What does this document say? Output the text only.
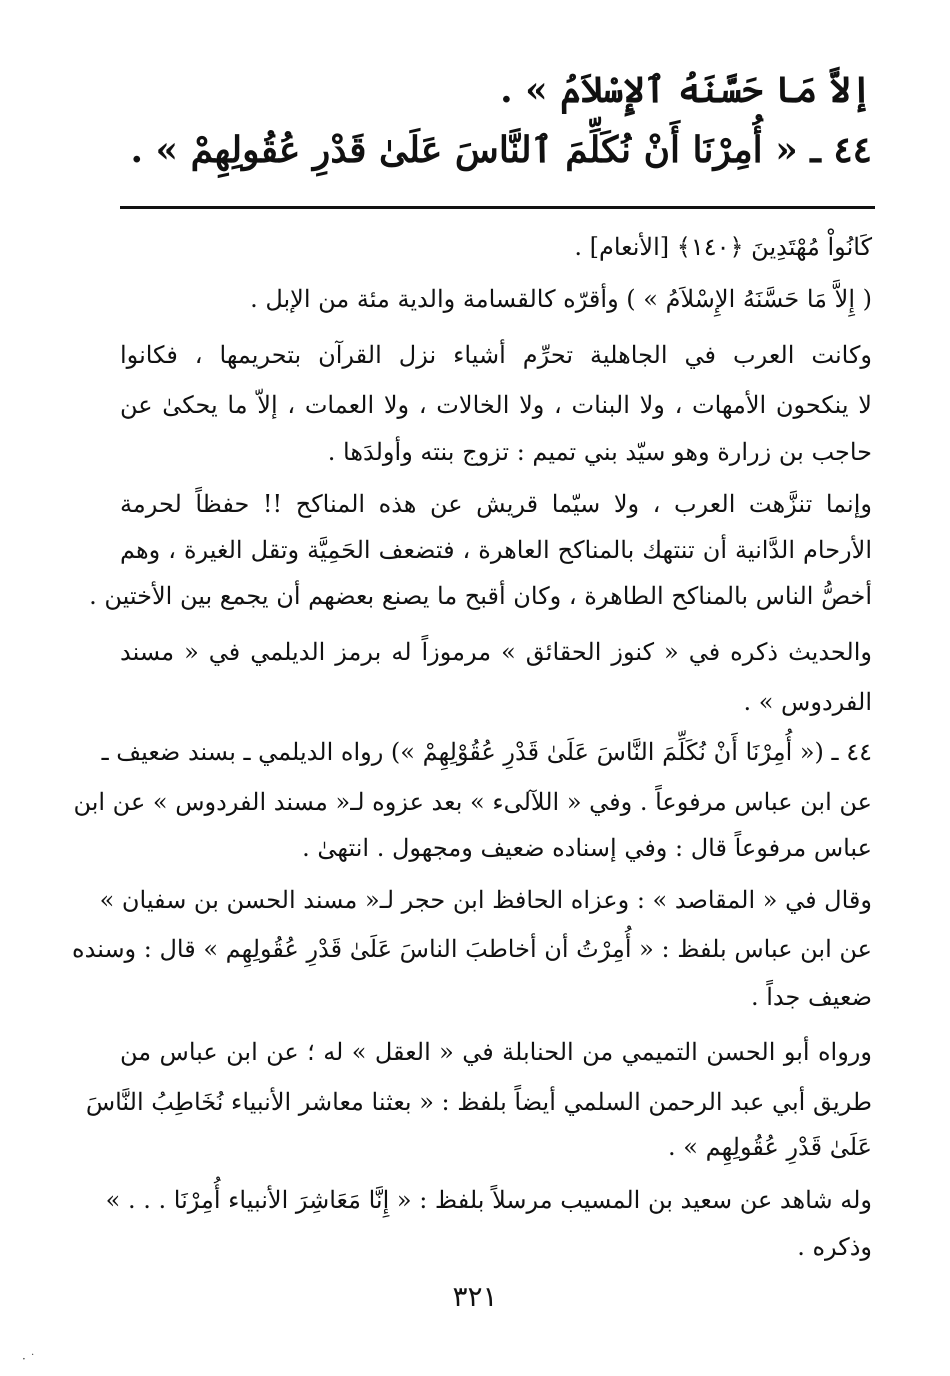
إلاَّ مَا حَسَّنَهُ ٱلإِسْلاَمُ » .
٤٤ ـ « أُمِرْنَا أَنْ نُكَلِّمَ ٱلنَّاسَ عَلَىٰ قَدْرِ عُقُولِهِمْ » .
كَانُواْ مُهْتَدِينَ ﴿١٤٠﴾ [الأنعام] .
( إِلاَّ مَا حَسَّنَهُ الإِسْلاَمُ » ) وأقرّه كالقسامة والدية مئة من الإبل .
وكانت العرب في الجاهلية تحرِّم أشياء نزل القرآن بتحريمها ، فكانوا
لا ينكحون الأمهات ، ولا البنات ، ولا الخالات ، ولا العمات ، إلاّ ما يحكىٰ عن
حاجب بن زرارة وهو سيّد بني تميم : تزوج بنته وأولدَها .
وإنما تنزَّهت العرب ، ولا سيّما قريش عن هذه المناكح !! حفظاً لحرمة
الأرحام الدَّانية أن تنتهك بالمناكح العاهرة ، فتضعف الحَمِيَّة وتقل الغيرة ، وهم
أخصُّ الناس بالمناكح الطاهرة ، وكان أقبح ما يصنع بعضهم أن يجمع بين الأختين .
والحديث ذكره في « كنوز الحقائق » مرموزاً له برمز الديلمي في « مسند
الفردوس » .
٤٤ ـ (« أُمِرْنَا أَنْ نُكَلِّمَ النَّاسَ عَلَىٰ قَدْرِ عُقُوْلِهِمْ ») رواه الديلمي ـ بسند ضعيف ـ
عن ابن عباس مرفوعاً . وفي « اللآلىء » بعد عزوه لـ« مسند الفردوس » عن ابن
عباس مرفوعاً قال : وفي إسناده ضعيف ومجهول . انتهىٰ .
وقال في « المقاصد » : وعزاه الحافظ ابن حجر لـ« مسند الحسن بن سفيان »
عن ابن عباس بلفظ : « أُمِرْتُ أن أخاطبَ الناسَ عَلَىٰ قَدْرِ عُقُولِهِم » قال : وسنده
ضعيف جداً .
ورواه أبو الحسن التميمي من الحنابلة في « العقل » له ؛ عن ابن عباس من
طريق أبي عبد الرحمن السلمي أيضاً بلفظ : « بعثنا معاشر الأنبياء نُخَاطِبُ النَّاسَ
عَلَىٰ قَدْرِ عُقُولِهِم » .
وله شاهد عن سعيد بن المسيب مرسلاً بلفظ : « إِنَّا مَعَاشِرَ الأنبياء أُمِرْنَا . . . »
وذكره .
٣٢١
· ˙
